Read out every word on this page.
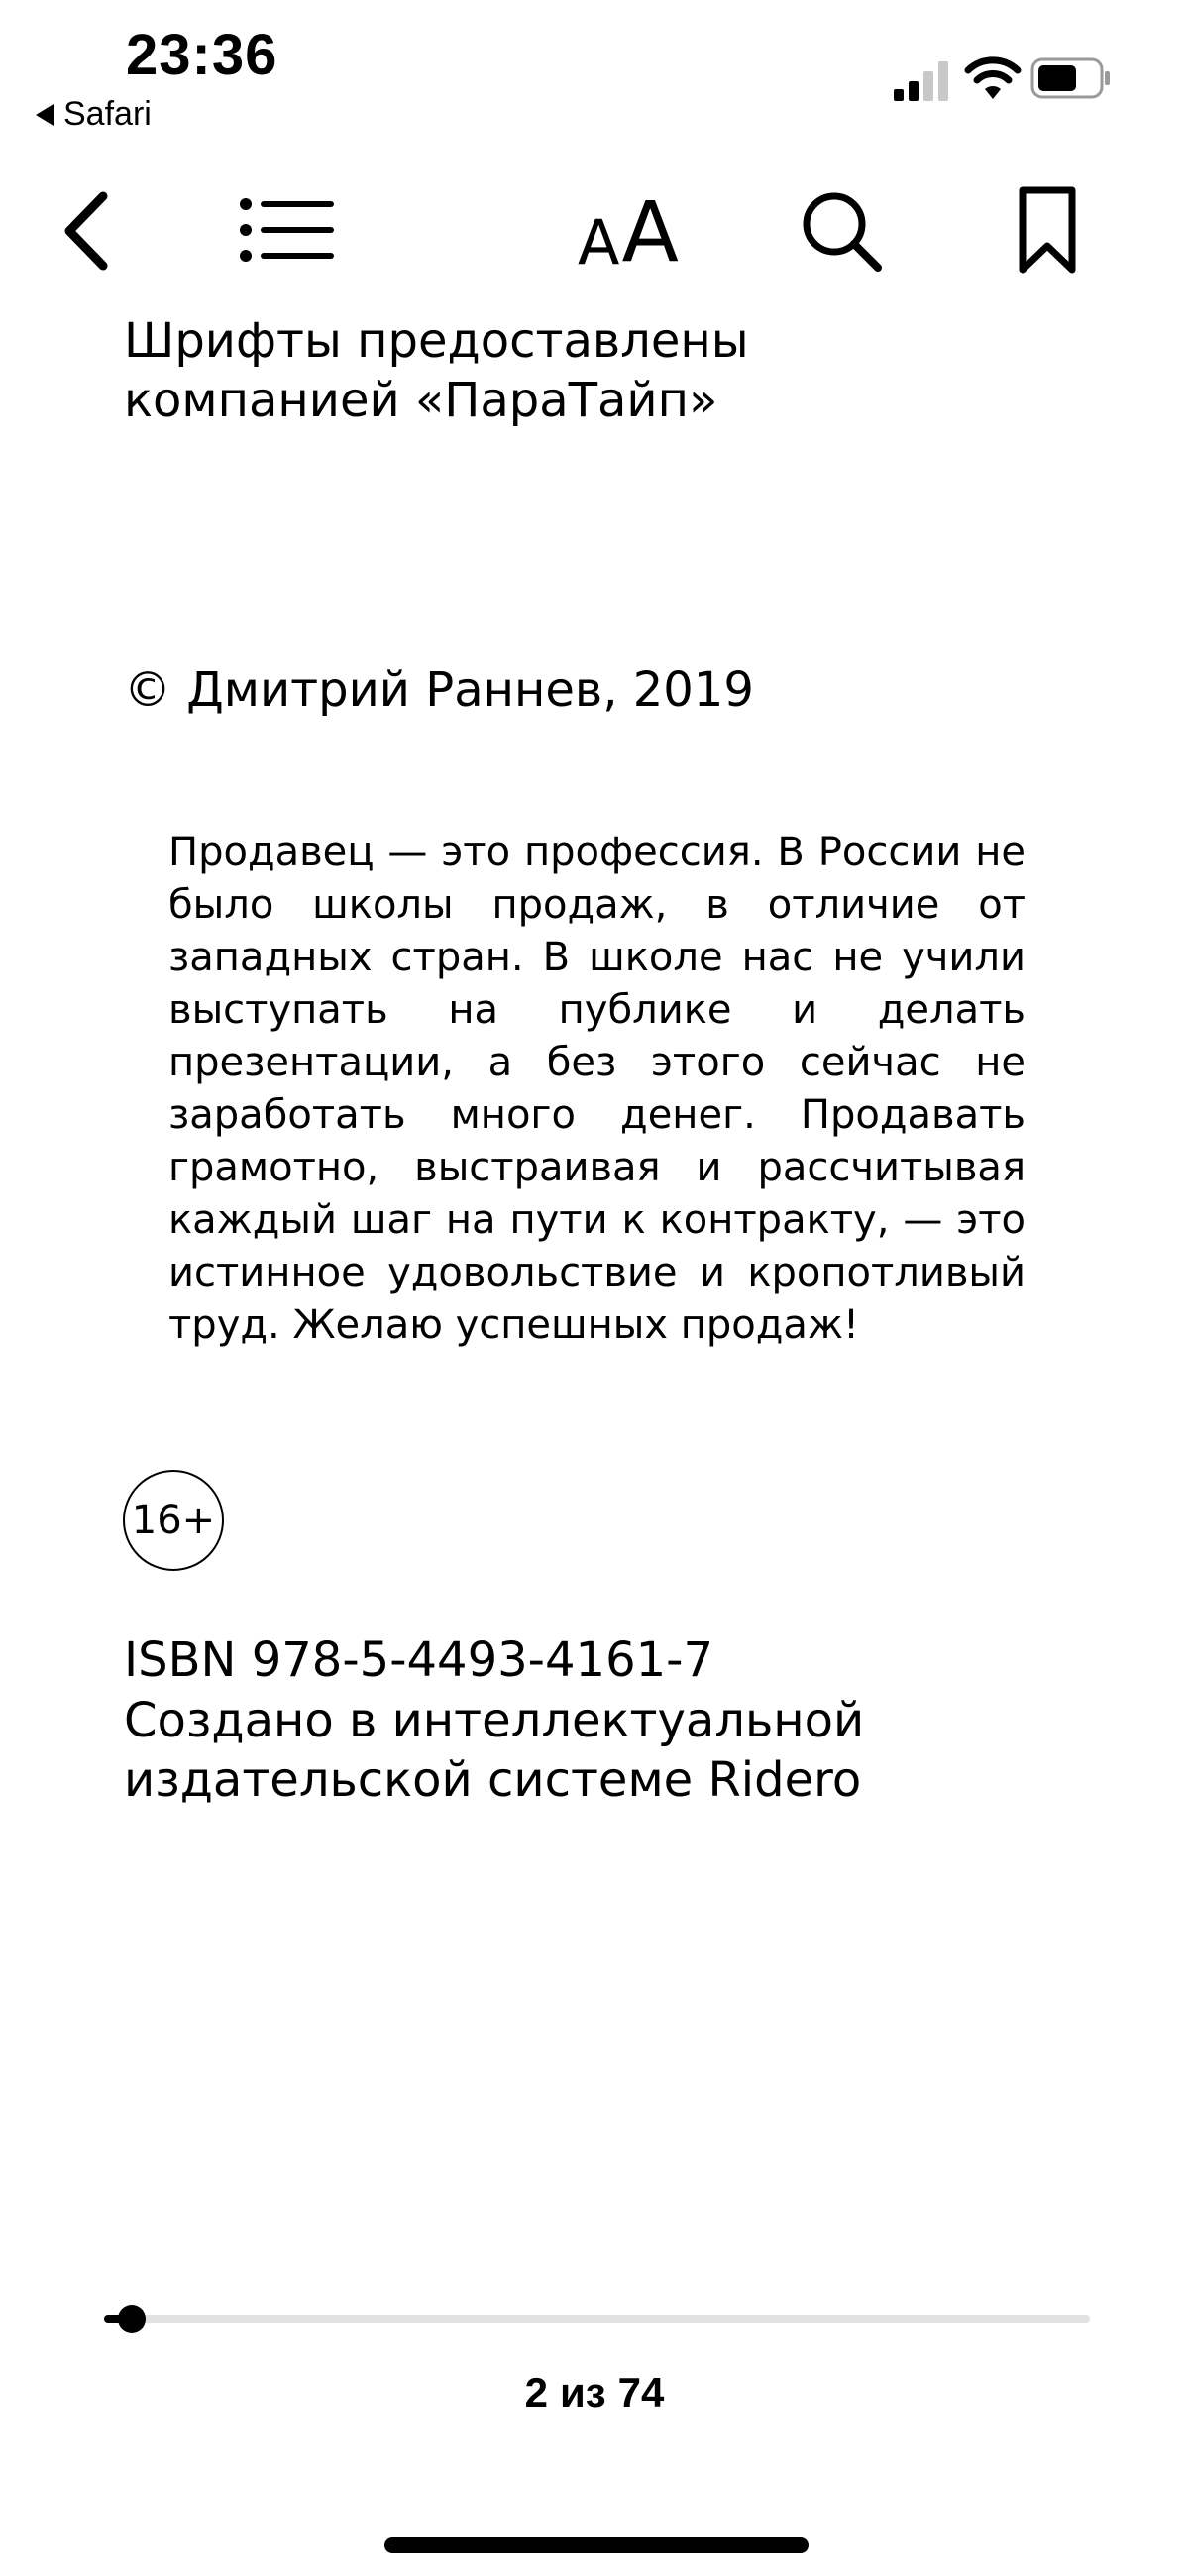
23:36
Safari
A A
Шрифты предоставлены компанией «ПараТайп»
© Дмитрий Раннев, 2019
Продавец — это профессия. В России не было школы продаж, в отличие от западных стран. В школе нас не учили выступать на публике и делать презентации, а без этого сейчас не заработать много денег. Продавать грамотно, выстраивая и рассчитывая каждый шаг на пути к контракту, — это истинное удовольствие и кропотливый труд. Желаю успешных продаж!
16+
ISBN 978-5-4493-4161-7
Создано в интеллектуальной издательской системе Ridero
2 из 74
